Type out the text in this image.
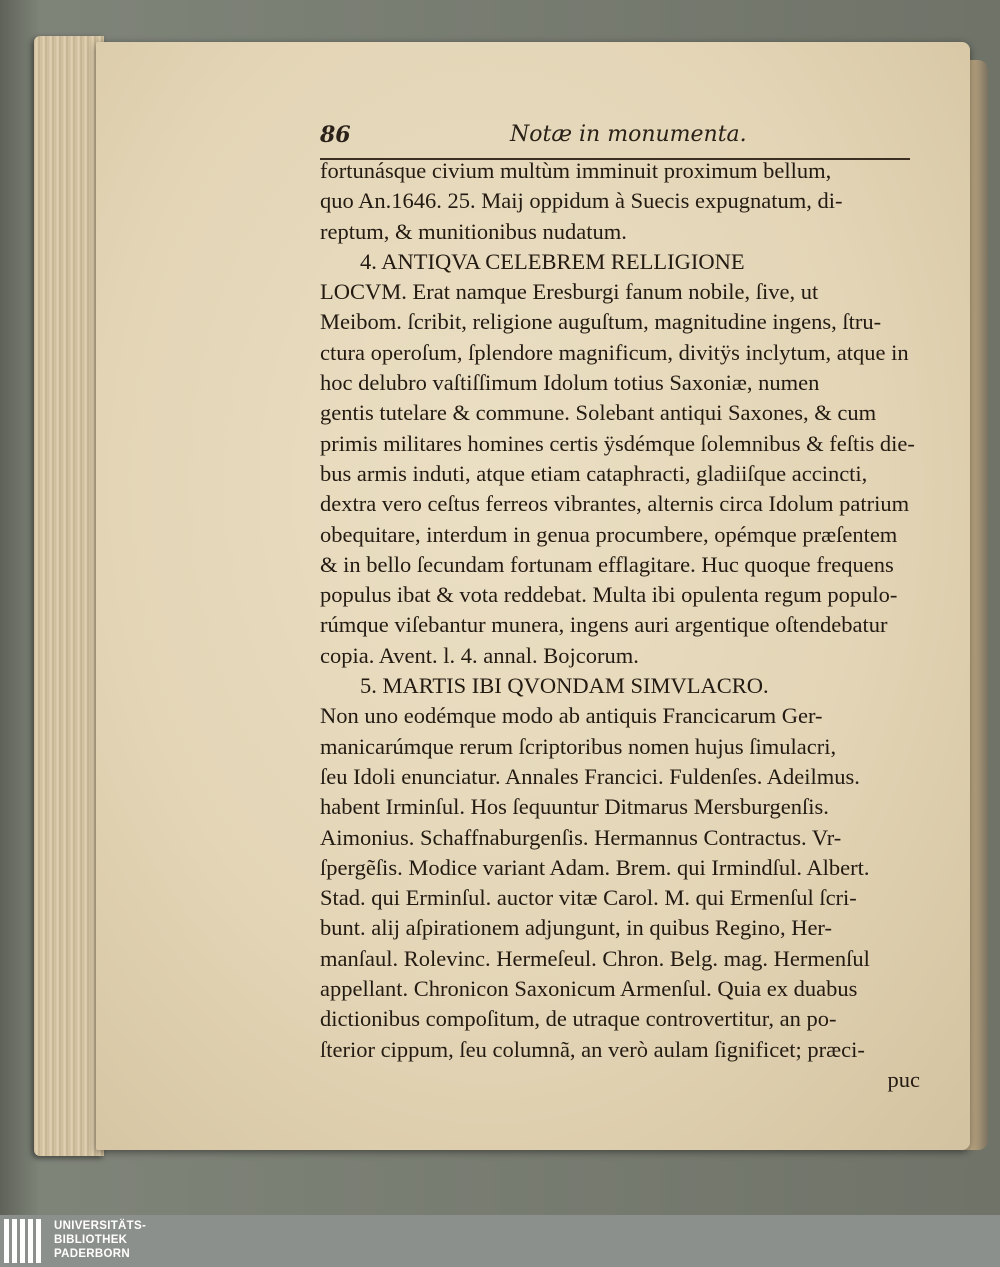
86	Notæ in monumenta.
fortunásque civium multùm imminuit proximum bellum,
quo An.1646. 25. Maij oppidum à Suecis expugnatum, di-
reptum, & munitionibus nudatum.
4. ANTIQVA CELEBREM RELLIGIONE
LOCVM. Erat namque Eresburgi fanum nobile, ſive, ut
Meibom. ſcribit, religione auguſtum, magnitudine ingens, ſtru-
ctura operoſum, ſplendore magnificum, divitÿs inclytum, atque in
hoc delubro vaſtiſſimum Idolum totius Saxoniæ, numen
gentis tutelare & commune. Solebant antiqui Saxones, & cum
primis militares homines certis ÿsdémque ſolemnibus & feſtis die-
bus armis induti, atque etiam cataphracti, gladiiſque accincti,
dextra vero ceſtus ferreos vibrantes, alternis circa Idolum patrium
obequitare, interdum in genua procumbere, opémque præſentem
& in bello ſecundam fortunam efflagitare. Huc quoque frequens
populus ibat & vota reddebat. Multa ibi opulenta regum populo-
rúmque viſebantur munera, ingens auri argentique oſtendebatur
copia. Avent. l. 4. annal. Bojcorum.
5. MARTIS IBI QVONDAM SIMVLACRO.
Non uno eodémque modo ab antiquis Francicarum Ger-
manicarúmque rerum ſcriptoribus nomen hujus ſimulacri,
ſeu Idoli enunciatur. Annales Francici. Fuldenſes. Adeilmus.
habent Irminſul. Hos ſequuntur Ditmarus Mersburgenſis.
Aimonius. Schaffnaburgenſis. Hermannus Contractus. Vr-
ſpergẽſis. Modice variant Adam. Brem. qui Irmindſul. Albert.
Stad. qui Erminſul. auctor vitæ Carol. M. qui Ermenſul ſcri-
bunt. alij aſpirationem adjungunt, in quibus Regino, Her-
manſaul. Rolevinc. Hermeſeul. Chron. Belg. mag. Hermenſul
appellant. Chronicon Saxonicum Armenſul. Quia ex duabus
dictionibus compoſitum, de utraque controvertitur, an po-
ſterior cippum, ſeu columnã, an verò aulam ſignificet; præci-
puc
UNIVERSITÄTS-
BIBLIOTHEK
PADERBORN
